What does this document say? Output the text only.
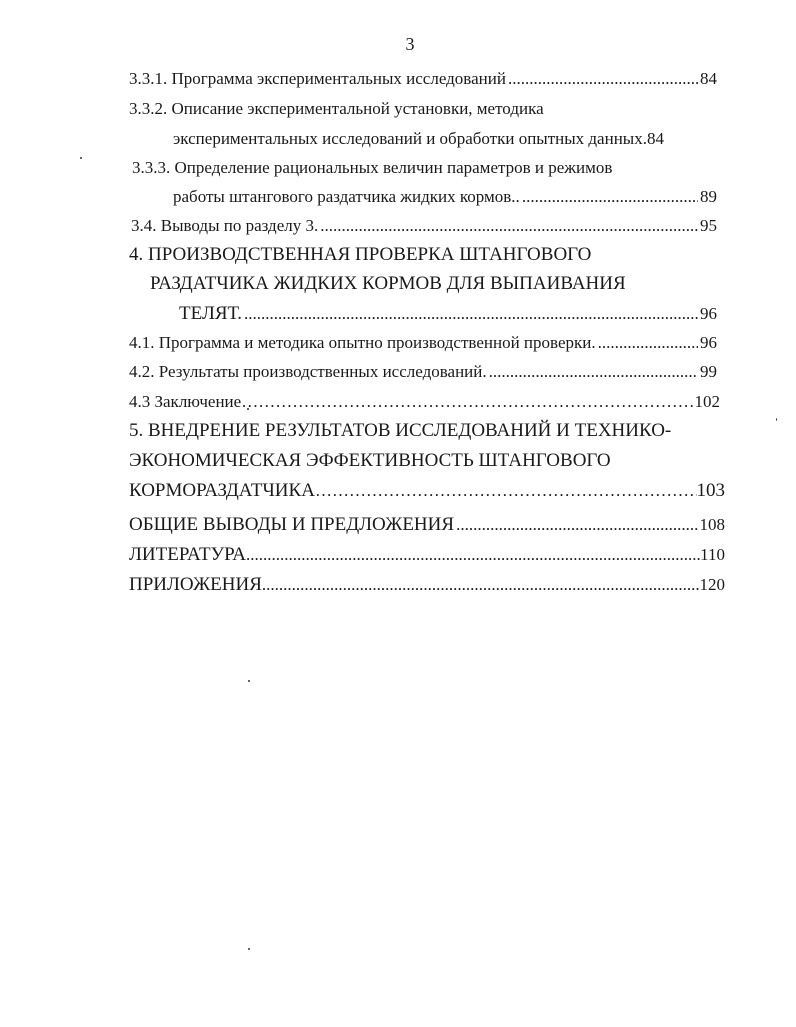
3
3.3.1. Программа экспериментальных исследований .....	84
3.3.2. Описание экспериментальной установки, методика
экспериментальных исследований и обработки опытных данных.84
3.3.3. Определение рациональных величин параметров и режимов
работы штангового раздатчика жидких кормов.. .....	89
3.4. Выводы по разделу 3. .....	95
4. ПРОИЗВОДСТВЕННАЯ ПРОВЕРКА ШТАНГОВОГО
РАЗДАТЧИКА ЖИДКИХ КОРМОВ ДЛЯ ВЫПАИВАНИЯ
ТЕЛЯТ. .....	96
4.1. Программа и методика опытно производственной проверки. .....	96
4.2. Результаты производственных исследований. .....	99
4.3 Заключение …………………………………………………………………………………………………………………………………………………………………………………………………………………………………………………………………	102
5. ВНЕДРЕНИЕ РЕЗУЛЬТАТОВ ИССЛЕДОВАНИЙ И ТЕХНИКО-
ЭКОНОМИЧЕСКАЯ ЭФФЕКТИВНОСТЬ ШТАНГОВОГО
КОРМОРАЗДАТЧИКА …………………………………………………………………………………………………………………………………………………………………………………………………………………………………………………………………	103
ОБЩИЕ ВЫВОДЫ И ПРЕДЛОЖЕНИЯ .....	108
ЛИТЕРАТУРА .....	110
ПРИЛОЖЕНИЯ .....	120
